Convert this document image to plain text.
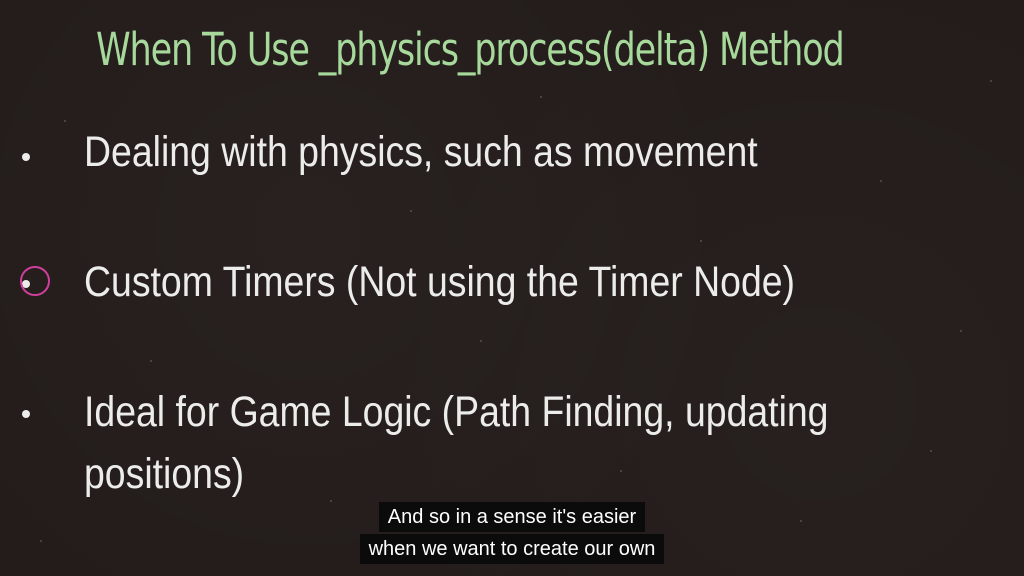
When To Use _physics_process(delta) Method

Dealing with physics, such as movement

Custom Timers (Not using the Timer Node)

Ideal for Game Logic (Path Finding, updating

positions)

And so in a sense it's easier
when we want to create our own
